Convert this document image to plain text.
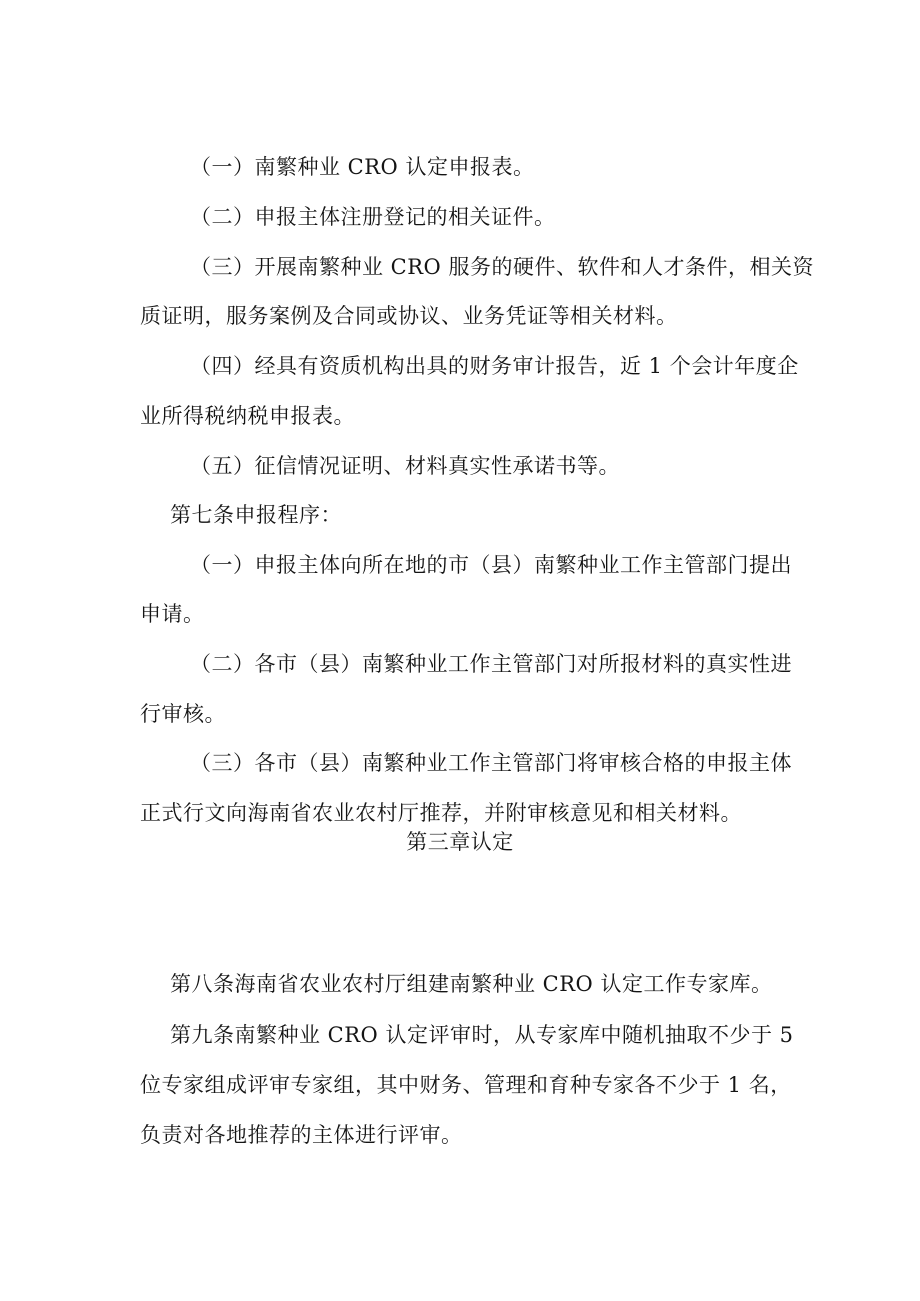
（一）南繁种业 CRO 认定申报表。
（二）申报主体注册登记的相关证件。
（三）开展南繁种业 CRO 服务的硬件、软件和人才条件，相关资
质证明，服务案例及合同或协议、业务凭证等相关材料。
（四）经具有资质机构出具的财务审计报告，近 1 个会计年度企
业所得税纳税申报表。
（五）征信情况证明、材料真实性承诺书等。
第七条申报程序：
（一）申报主体向所在地的市（县）南繁种业工作主管部门提出
申请。
（二）各市（县）南繁种业工作主管部门对所报材料的真实性进
行审核。
（三）各市（县）南繁种业工作主管部门将审核合格的申报主体
正式行文向海南省农业农村厅推荐，并附审核意见和相关材料。
第三章认定
第八条海南省农业农村厅组建南繁种业 CRO 认定工作专家库。
第九条南繁种业 CRO 认定评审时，从专家库中随机抽取不少于 5
位专家组成评审专家组，其中财务、管理和育种专家各不少于 1 名，
负责对各地推荐的主体进行评审。
